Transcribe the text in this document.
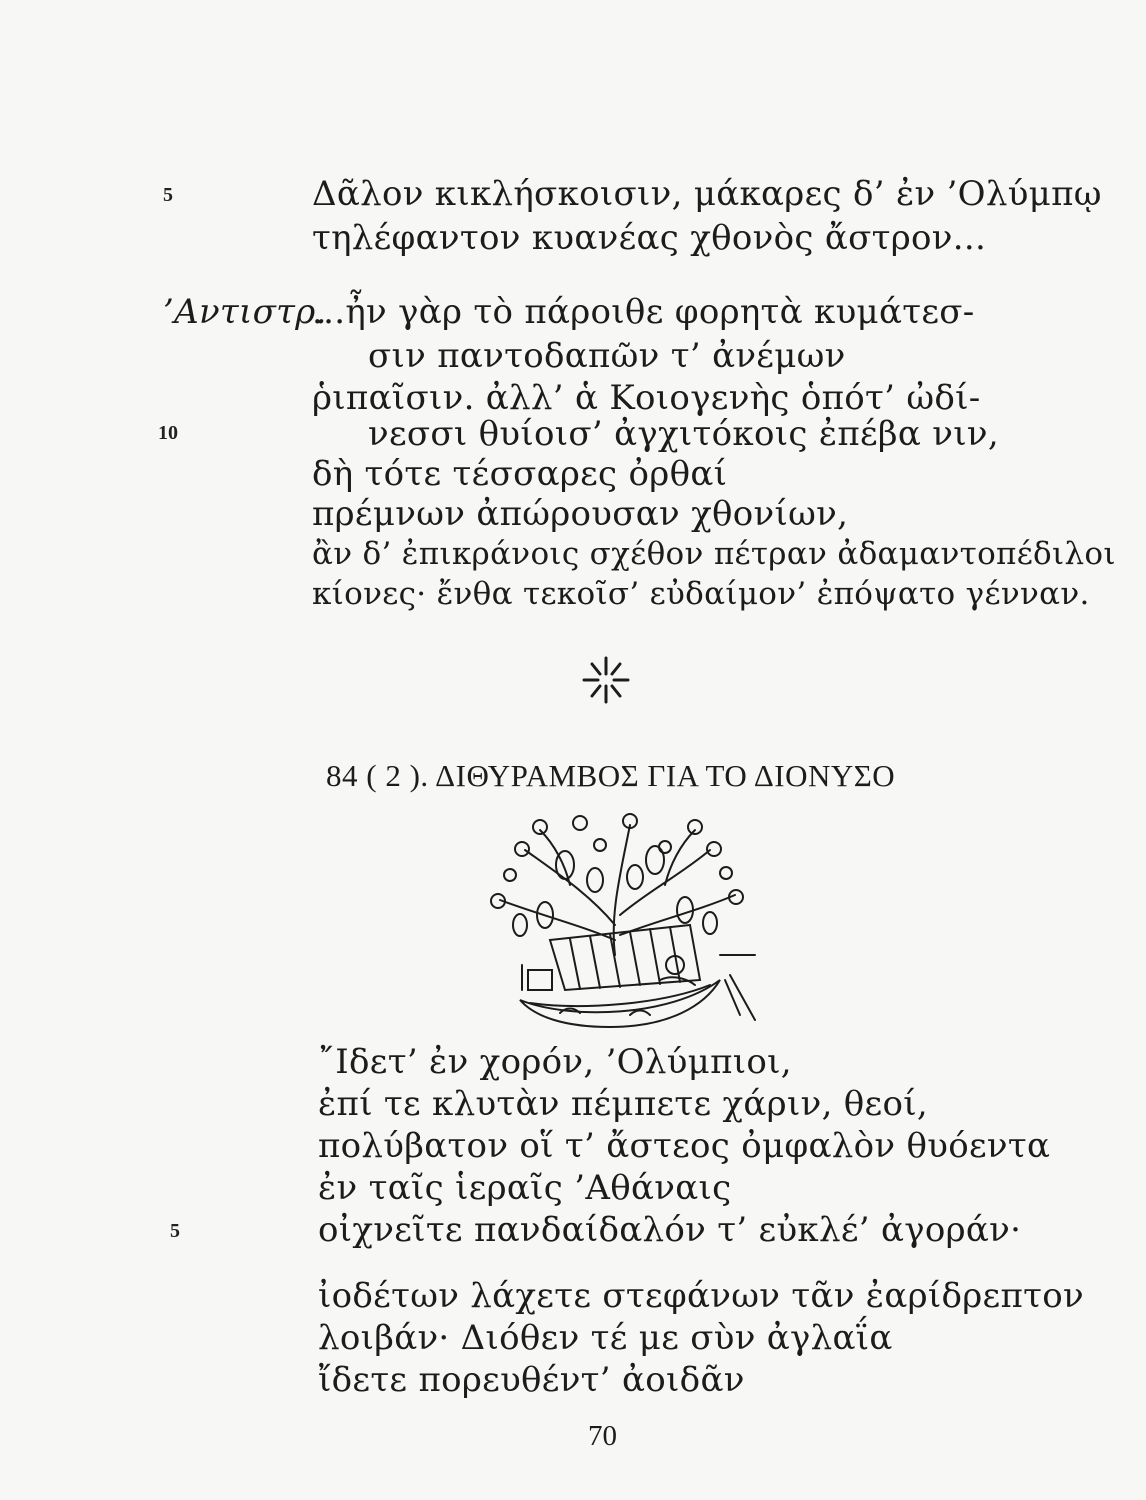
5	Δᾶλον κικλήσκοισιν, μάκαρες δ’ ἐν ’Ολύμπῳ
τηλέφαντον κυανέας χθονὸς ἄστρον...
’Αντιστρ.
...ἦν γὰρ τὸ πάροιθε φορητὰ κυμάτεσ-
σιν παντοδαπῶν τ’ ἀνέμων
ῥιπαῖσιν. ἀλλ’ ἁ Κοιογενὴς ὁπότ’ ὠδί-
10	νεσσι θυίοισ’ ἀγχιτόκοις ἐπέβα νιν,
δὴ τότε τέσσαρες ὀρθαί
πρέμνων ἀπώρουσαν χθονίων,
ἂν δ’ ἐπικράνοις σχέθον πέτραν ἀδαμαντοπέδιλοι
κίονες· ἔνθα τεκοῖσ’ εὐδαίμον’ ἐπόψατο γένναν.
84 ( 2 ). ΔΙΘΥΡΑΜΒΟΣ ΓΙΑ ΤΟ ΔΙΟΝΥΣΟ
῎Ιδετ’ ἐν χορόν, ’Ολύμπιοι,
ἐπί τε κλυτὰν πέμπετε χάριν, θεοί,
πολύβατον οἵ τ’ ἄστεος ὀμφαλὸν θυόεντα
ἐν ταῖς ἱεραῖς ’Αθάναις
5	οἰχνεῖτε πανδαίδαλόν τ’ εὐκλέ’ ἀγοράν·
ἰοδέτων λάχετε στεφάνων τᾶν ἐαρίδρεπτον
λοιβάν· Διόθεν τέ με σὺν ἀγλαΐα
ἴδετε πορευθέντ’ ἀοιδᾶν
70
